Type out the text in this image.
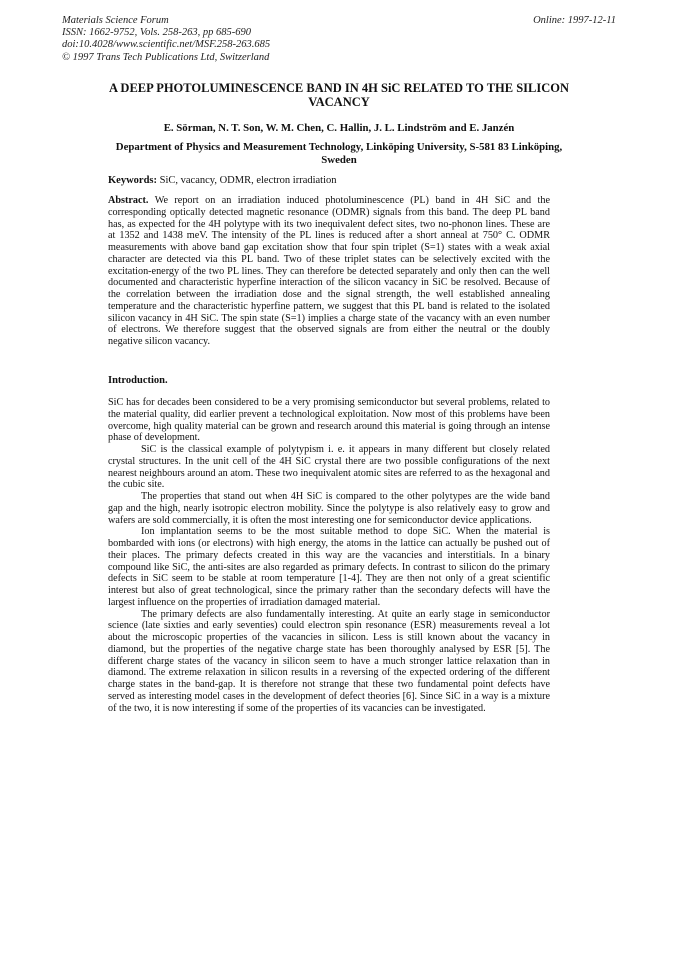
Materials Science Forum
ISSN: 1662-9752, Vols. 258-263, pp 685-690
doi:10.4028/www.scientific.net/MSF.258-263.685
© 1997 Trans Tech Publications Ltd, Switzerland
Online: 1997-12-11
A DEEP PHOTOLUMINESCENCE BAND IN 4H SiC RELATED TO THE SILICON VACANCY
E. Sörman, N. T. Son, W. M. Chen, C. Hallin, J. L. Lindström and E. Janzén
Department of Physics and Measurement Technology, Linköping University, S-581 83 Linköping, Sweden
Keywords: SiC, vacancy, ODMR, electron irradiation
Abstract. We report on an irradiation induced photoluminescence (PL) band in 4H SiC and the corresponding optically detected magnetic resonance (ODMR) signals from this band. The deep PL band has, as expected for the 4H polytype with its two inequivalent defect sites, two no-phonon lines. These are at 1352 and 1438 meV. The intensity of the PL lines is reduced after a short anneal at 750° C. ODMR measurements with above band gap excitation show that four spin triplet (S=1) states with a weak axial character are detected via this PL band. Two of these triplet states can be selectively excited with the excitation-energy of the two PL lines. They can therefore be detected separately and only then can the well documented and characteristic hyperfine interaction of the silicon vacancy in SiC be resolved. Because of the correlation between the irradiation dose and the signal strength, the well established annealing temperature and the characteristic hyperfine pattern, we suggest that this PL band is related to the isolated silicon vacancy in 4H SiC. The spin state (S=1) implies a charge state of the vacancy with an even number of electrons. We therefore suggest that the observed signals are from either the neutral or the doubly negative silicon vacancy.
Introduction.

SiC has for decades been considered to be a very promising semiconductor but several problems, related to the material quality, did earlier prevent a technological exploitation. Now most of this problems have been overcome, high quality material can be grown and research around this material is going through an intense phase of development.

SiC is the classical example of polytypism i. e. it appears in many different but closely related crystal structures. In the unit cell of the 4H SiC crystal there are two possible configurations of the next nearest neighbours around an atom. These two inequivalent atomic sites are referred to as the hexagonal and the cubic site.

The properties that stand out when 4H SiC is compared to the other polytypes are the wide band gap and the high, nearly isotropic electron mobility. Since the polytype is also relatively easy to grow and wafers are sold commercially, it is often the most interesting one for semiconductor device applications.

Ion implantation seems to be the most suitable method to dope SiC. When the material is bombarded with ions (or electrons) with high energy, the atoms in the lattice can actually be pushed out of their places. The primary defects created in this way are the vacancies and interstitials. In a binary compound like SiC, the anti-sites are also regarded as primary defects. In contrast to silicon do the primary defects in SiC seem to be stable at room temperature [1-4]. They are then not only of a great scientific interest but also of great technological, since the primary rather than the secondary defects will have the largest influence on the properties of irradiation damaged material.

The primary defects are also fundamentally interesting. At quite an early stage in semiconductor science (late sixties and early seventies) could electron spin resonance (ESR) measurements reveal a lot about the microscopic properties of the vacancies in silicon. Less is still known about the vacancy in diamond, but the properties of the negative charge state has been thoroughly analysed by ESR [5]. The different charge states of the vacancy in silicon seem to have a much stronger lattice relaxation than in diamond. The extreme relaxation in silicon results in a reversing of the expected ordering of the different charge states in the band-gap. It is therefore not strange that these two fundamental point defects have served as interesting model cases in the development of defect theories [6]. Since SiC in a way is a mixture of the two, it is now interesting if some of the properties of its vacancies can be investigated.
